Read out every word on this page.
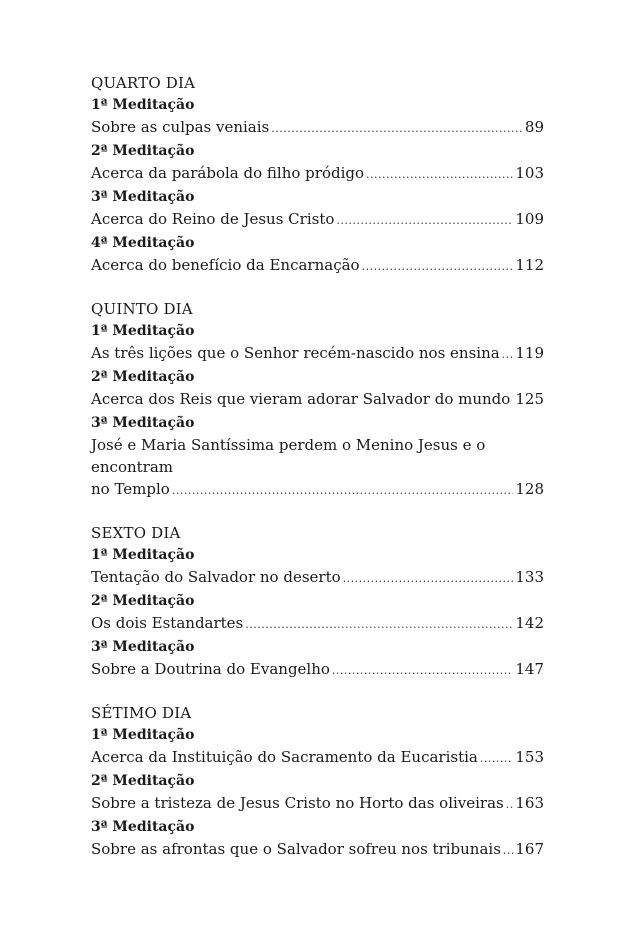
QUARTO DIA
1ª Meditação
Sobre as culpas veniais .....	89
2ª Meditação
Acerca da parábola do filho pródigo .....	103
3ª Meditação
Acerca do Reino de Jesus Cristo .....	109
4ª Meditação
Acerca do benefício da Encarnação .....	112
QUINTO DIA
1ª Meditação
As três lições que o Senhor recém-nascido nos ensina ..... 119
2ª Meditação
Acerca dos Reis que vieram adorar Salvador do mundo ..... 125
3ª Meditação
José e Maria Santíssima perdem o Menino Jesus e o encontram
no Templo .....	128
SEXTO DIA
1ª Meditação
Tentação do Salvador no deserto .....	133
2ª Meditação
Os dois Estandartes .....	142
3ª Meditação
Sobre a Doutrina do Evangelho .....	147
SÉTIMO DIA
1ª Meditação
Acerca da Instituição do Sacramento da Eucaristia ..... 153
2ª Meditação
Sobre a tristeza de Jesus Cristo no Horto das oliveiras ..... 163
3ª Meditação
Sobre as afrontas que o Salvador sofreu nos tribunais ..... 167
